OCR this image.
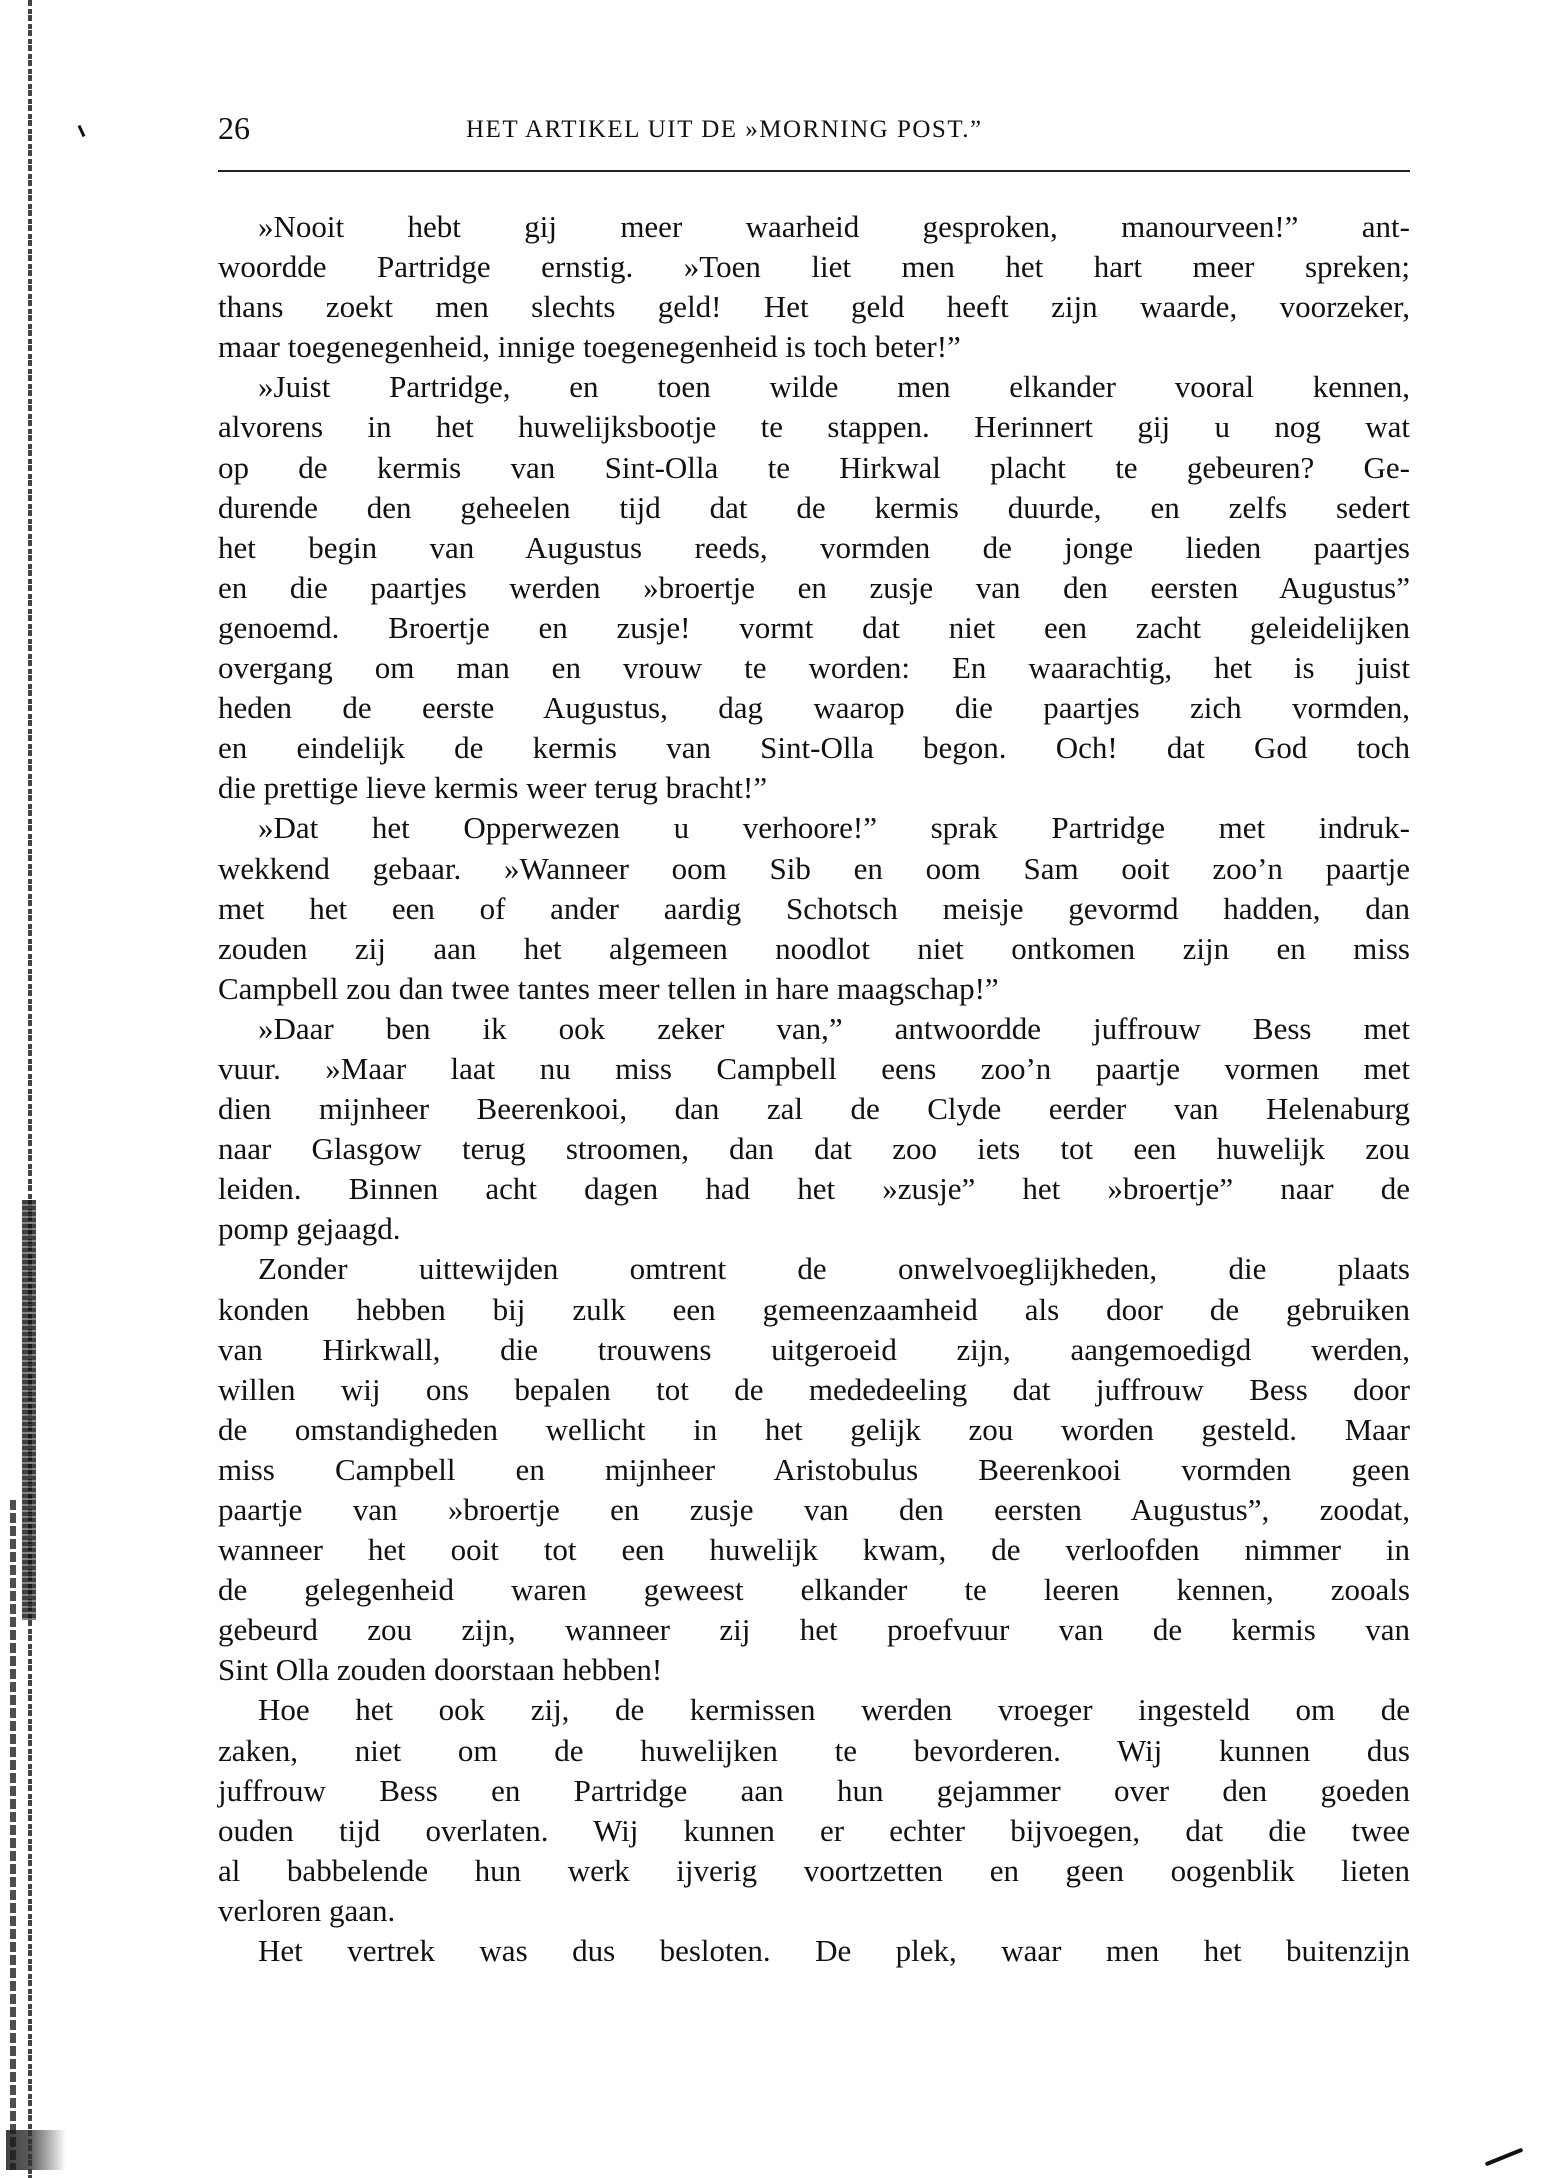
26	HET ARTIKEL UIT DE »MORNING POST.”
»Nooit hebt gij meer waarheid gesproken, manourveen!” ant-
woordde Partridge ernstig. »Toen liet men het hart meer spreken;
thans zoekt men slechts geld! Het geld heeft zijn waarde, voorzeker,
maar toegenegenheid, innige toegenegenheid is toch beter!”
»Juist Partridge, en toen wilde men elkander vooral kennen,
alvorens in het huwelijksbootje te stappen. Herinnert gij u nog wat
op de kermis van Sint-Olla te Hirkwal placht te gebeuren? Ge-
durende den geheelen tijd dat de kermis duurde, en zelfs sedert
het begin van Augustus reeds, vormden de jonge lieden paartjes
en die paartjes werden »broertje en zusje van den eersten Augustus”
genoemd. Broertje en zusje! vormt dat niet een zacht geleidelijken
overgang om man en vrouw te worden: En waarachtig, het is juist
heden de eerste Augustus, dag waarop die paartjes zich vormden,
en eindelijk de kermis van Sint-Olla begon. Och! dat God toch
die prettige lieve kermis weer terug bracht!”
»Dat het Opperwezen u verhoore!” sprak Partridge met indruk-
wekkend gebaar. »Wanneer oom Sib en oom Sam ooit zoo’n paartje
met het een of ander aardig Schotsch meisje gevormd hadden, dan
zouden zij aan het algemeen noodlot niet ontkomen zijn en miss
Campbell zou dan twee tantes meer tellen in hare maagschap!”
»Daar ben ik ook zeker van,” antwoordde juffrouw Bess met
vuur. »Maar laat nu miss Campbell eens zoo’n paartje vormen met
dien mijnheer Beerenkooi, dan zal de Clyde eerder van Helenaburg
naar Glasgow terug stroomen, dan dat zoo iets tot een huwelijk zou
leiden. Binnen acht dagen had het »zusje” het »broertje” naar de
pomp gejaagd.
Zonder uittewijden omtrent de onwelvoeglijkheden, die plaats
konden hebben bij zulk een gemeenzaamheid als door de gebruiken
van Hirkwall, die trouwens uitgeroeid zijn, aangemoedigd werden,
willen wij ons bepalen tot de mededeeling dat juffrouw Bess door
de omstandigheden wellicht in het gelijk zou worden gesteld. Maar
miss Campbell en mijnheer Aristobulus Beerenkooi vormden geen
paartje van »broertje en zusje van den eersten Augustus”, zoodat,
wanneer het ooit tot een huwelijk kwam, de verloofden nimmer in
de gelegenheid waren geweest elkander te leeren kennen, zooals
gebeurd zou zijn, wanneer zij het proefvuur van de kermis van
Sint Olla zouden doorstaan hebben!
Hoe het ook zij, de kermissen werden vroeger ingesteld om de
zaken, niet om de huwelijken te bevorderen. Wij kunnen dus
juffrouw Bess en Partridge aan hun gejammer over den goeden
ouden tijd overlaten. Wij kunnen er echter bijvoegen, dat die twee
al babbelende hun werk ijverig voortzetten en geen oogenblik lieten
verloren gaan.
Het vertrek was dus besloten. De plek, waar men het buitenzijn
